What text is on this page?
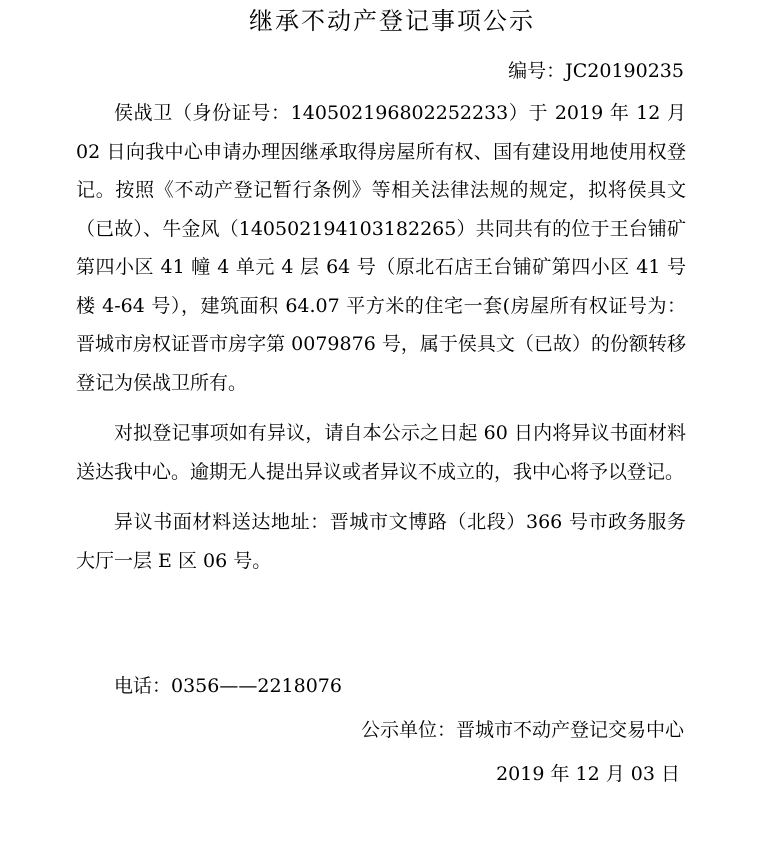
继承不动产登记事项公示
编号：JC20190235

侯战卫（身份证号：140502196802252233）于 2019 年 12 月 02 日向我中心申请办理因继承取得房屋所有权、国有建设用地使用权登记。按照《不动产登记暂行条例》等相关法律法规的规定，拟将侯具文（已故）、牛金风（140502194103182265）共同共有的位于王台铺矿第四小区 41 幢 4 单元 4 层 64 号（原北石店王台铺矿第四小区 41 号楼 4-64 号），建筑面积 64.07 平方米的住宅一套(房屋所有权证号为：晋城市房权证晋市房字第 0079876 号，属于侯具文（已故）的份额转移登记为侯战卫所有。

对拟登记事项如有异议，请自本公示之日起 60 日内将异议书面材料送达我中心。逾期无人提出异议或者异议不成立的，我中心将予以登记。

异议书面材料送达地址：晋城市文博路（北段）366 号市政务服务大厅一层 E 区 06 号。

电话：0356——2218076
公示单位：晋城市不动产登记交易中心
2019 年 12 月 03 日
